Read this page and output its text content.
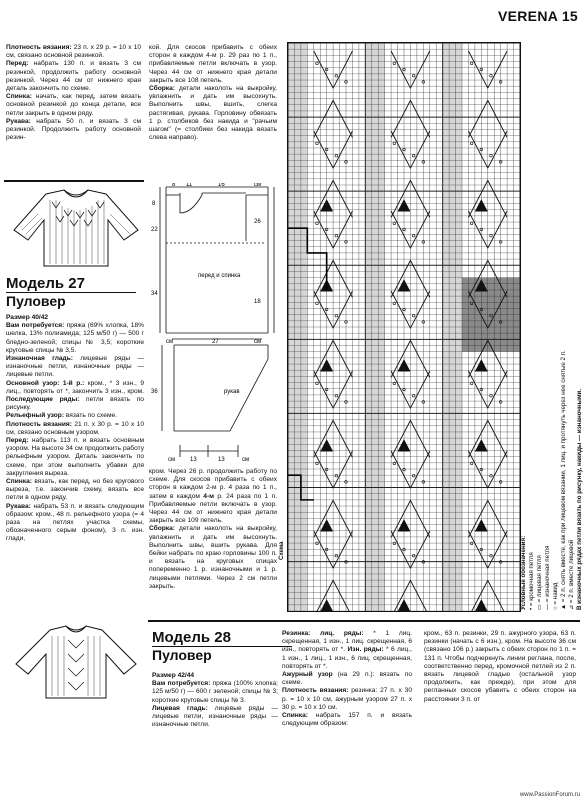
VERENA 15

Плотность вязания: 23 п. х 29 р. = 10 х 10 см, связано основной резинкой.

Перед: набрать 130 п. и вязать 3 см резинкой, продолжить работу основной резинкой. Через 44 см от нижнего края деталь закончить по схеме.

Спинка: начать, как перед, затем вязать основной резинкой до конца детали, все петли закрыть в одном ряду.

Рукава: набрать 50 п. и вязать 3 см резинкой. Продолжить работу основной резин-

кой. Для скосов прибавить с обеих сторон в каждом 4-м р. 29 раз по 1 п., прибавляемые петли включать в узор. Через 44 см от нижнего края детали закрыть все 108 петель.

Сборка: детали наколоть на выкройку, увлажнить и дать им высохнуть. Выполнить швы, вшить, слегка растягивая, рукава. Горловину обвязать 1 р. столбиков без накида и "рачьим шагом" (= столбики без накида вязать слева направо).

Модель 27
Пуловер

Размер 40/42

Вам потребуется: пряжа (69% хлопка, 18% шелка, 13% полиамида; 125 м/50 г) — 500 г бледно-зеленой; спицы № 3,5; короткие круговые спицы № 3,5.

Изнаночная гладь: лицевые ряды — изнаночные петли, изнаночные ряды — лицевые петли.

Основной узор: 1-й р.: кром., * 3 изн., 9 лиц., повторять от *, закончить 3 изн., кром. Последующие ряды: петли вязать по рисунку.

Рельефный узор: вязать по схеме.

Плотность вязания: 21 п. х 30 р. = 10 х 10 см, связано основным узором.

Перед: набрать 113 п. и вязать основным узором. На высоте 34 см продолжить работу рельефным узором. Деталь закончить по схеме, при этом выполнить убавки для закругления выреза.

Спинка: вязать, как перед, но без кругового выреза, т.е. закончив схему, вязать все петли в одном ряду.

Рукава: набрать 53 п. и вязать следующим образом: кром., 48 п. рельефного узора (= 4 раза на петлях участка схемы, обозначенного серым фоном), 3 п. изн. глади,

8 11	16	см
8
22
34
26
18
перед и спинка
см	27	см
36	рукав
см 13	13	см

кром. Через 26 р. продолжить работу по схеме. Для скосов прибавить с обеих сторон в каждом 2-м р. 4 раза по 1 п., затем в каждом 4-м р. 24 раза по 1 п. Прибавляемые петли включать в узор. Через 44 см от нижнего края детали закрыть все 109 петель.

Сборка: детали наколоть на выкройку, увлажнить и дать им высохнуть. Выполнить швы, вшить рукава. Для бейки набрать по краю горловины 100 п. и вязать на круговых спицах попеременно 1 р. изнаночными и 1 р. лицевыми петлями. Через 2 см петли закрыть.

Схема	Условные обозначения: • = кромочная петля ▭ = лицевая петля — = изнаночная петля ○ = накид ▲ = 2 п. снять вместе, как при лицевом вязании, 1 лиц. и протянуть через нее снятые 2 п. ⊿ = 2 п. вместе лицевой В изнаночных рядах петли вязать по рисунку, накиды — изнаночными.
Модель 28
Пуловер

Размер 42/44

Вам потребуется: пряжа (100% хлопка; 125 м/50 г) — 600 г зеленой; спицы № 3; короткие круговые спицы № 3.

Лицевая гладь: лицевые ряды — лицевые петли, изнаночные ряды — изнаночные петли.

Резинка: лиц. ряды: * 1 лиц. скрещенная, 1 изн., 1 лиц. скрещенная, 6 изн., повторять от *. Изн. ряды: * 6 лиц., 1 изн., 1 лиц., 1 изн., 6 лиц. скрещенная, повторять от *.

Ажурный узор (на 29 п.): вязать по схеме.

Плотность вязания: резинка: 27 п. х 30 р. = 10 х 10 см, ажурным узором 27 п. х 30 р. = 10 х 10 см.

Спинка: набрать 157 п. и вязать следующим образом:

кром., 63 п. резинки, 29 п. ажурного узора, 63 п. резинки (начать с 6 изн.), кром. На высоте 36 см (связано 106 р.) закрыть с обеих сторон по 1 п. = 131 п. Чтобы подчеркнуть линии реглана, после, соответственно перед, кромочной петлей из 2 п. вязать лицевой гладью (остальной узор продолжить, как прежде), при этом для регланных скосов убавить с обеих сторон на расстоянии 3 п. от

www.PassionForum.ru
